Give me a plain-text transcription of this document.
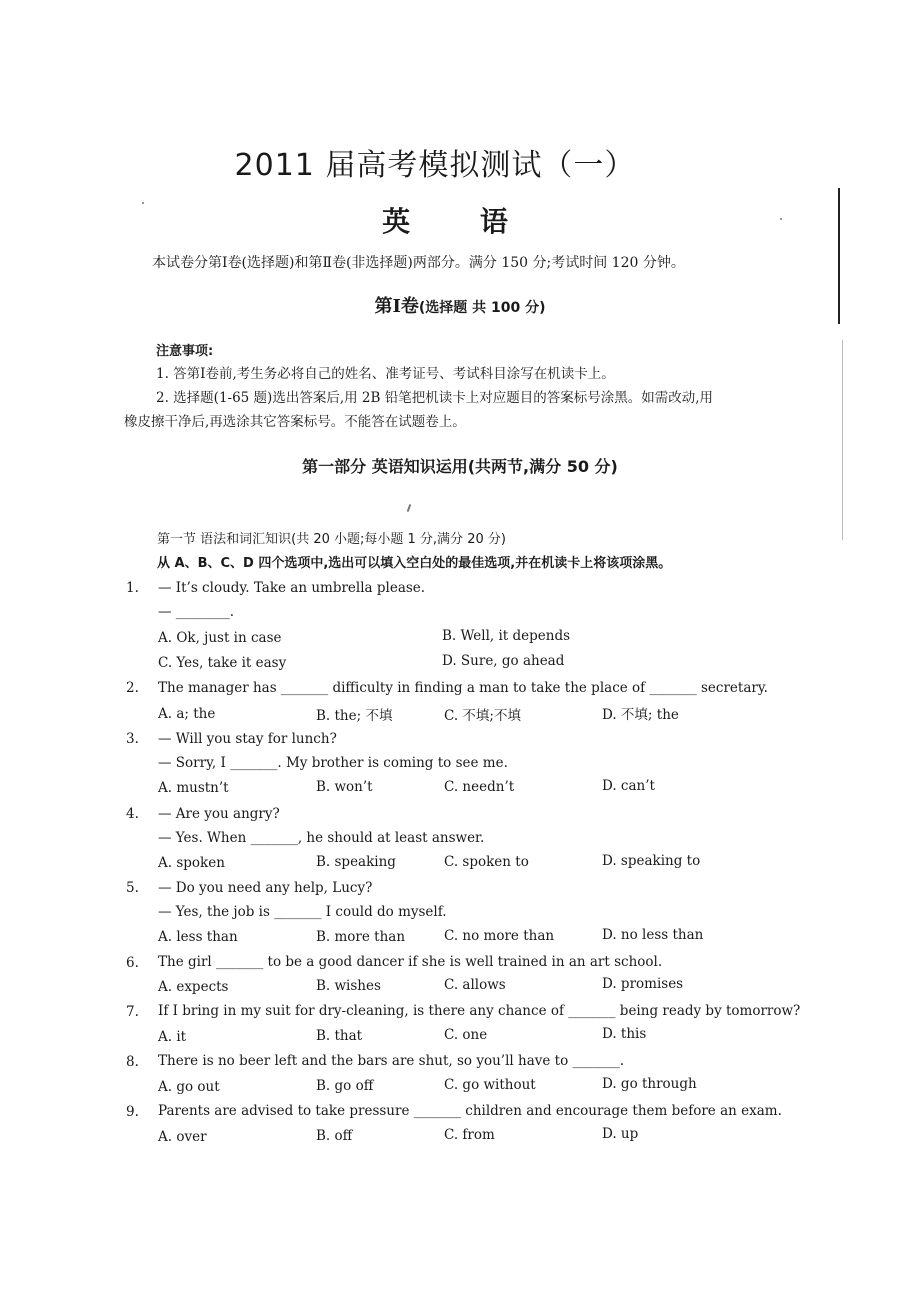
2011 届高考模拟测试（一）
英 语
本试卷分第Ⅰ卷(选择题)和第Ⅱ卷(非选择题)两部分。满分 150 分;考试时间 120 分钟。
第Ⅰ卷(选择题 共 100 分)
注意事项:
1. 答第Ⅰ卷前,考生务必将自己的姓名、准考证号、考试科目涂写在机读卡上。
2. 选择题(1-65 题)选出答案后,用 2B 铅笔把机读卡上对应题目的答案标号涂黑。如需改动,用
橡皮擦干净后,再选涂其它答案标号。不能答在试题卷上。
第一部分 英语知识运用(共两节,满分 50 分)
第一节 语法和词汇知识(共 20 小题;每小题 1 分,满分 20 分)
从 A、B、C、D 四个选项中,选出可以填入空白处的最佳选项,并在机读卡上将该项涂黑。
1. — It’s cloudy. Take an umbrella please.
— ________.
A. Ok, just in case	B. Well, it depends
C. Yes, take it easy	D. Sure, go ahead
2. The manager has _______ difficulty in finding a man to take the place of _______ secretary.
A. a; the	B. the; 不填	C. 不填;不填	D. 不填; the
3. — Will you stay for lunch?
— Sorry, I _______. My brother is coming to see me.
A. mustn’t	B. won’t	C. needn’t	D. can’t
4. — Are you angry?
— Yes. When _______, he should at least answer.
A. spoken	B. speaking	C. spoken to	D. speaking to
5. — Do you need any help, Lucy?
— Yes, the job is _______ I could do myself.
A. less than	B. more than	C. no more than	D. no less than
6. The girl _______ to be a good dancer if she is well trained in an art school.
A. expects	B. wishes	C. allows	D. promises
7. If I bring in my suit for dry-cleaning, is there any chance of _______ being ready by tomorrow?
A. it	B. that	C. one	D. this
8. There is no beer left and the bars are shut, so you’ll have to _______.
A. go out	B. go off	C. go without	D. go through
9. Parents are advised to take pressure _______ children and encourage them before an exam.
A. over	B. off	C. from	D. up
